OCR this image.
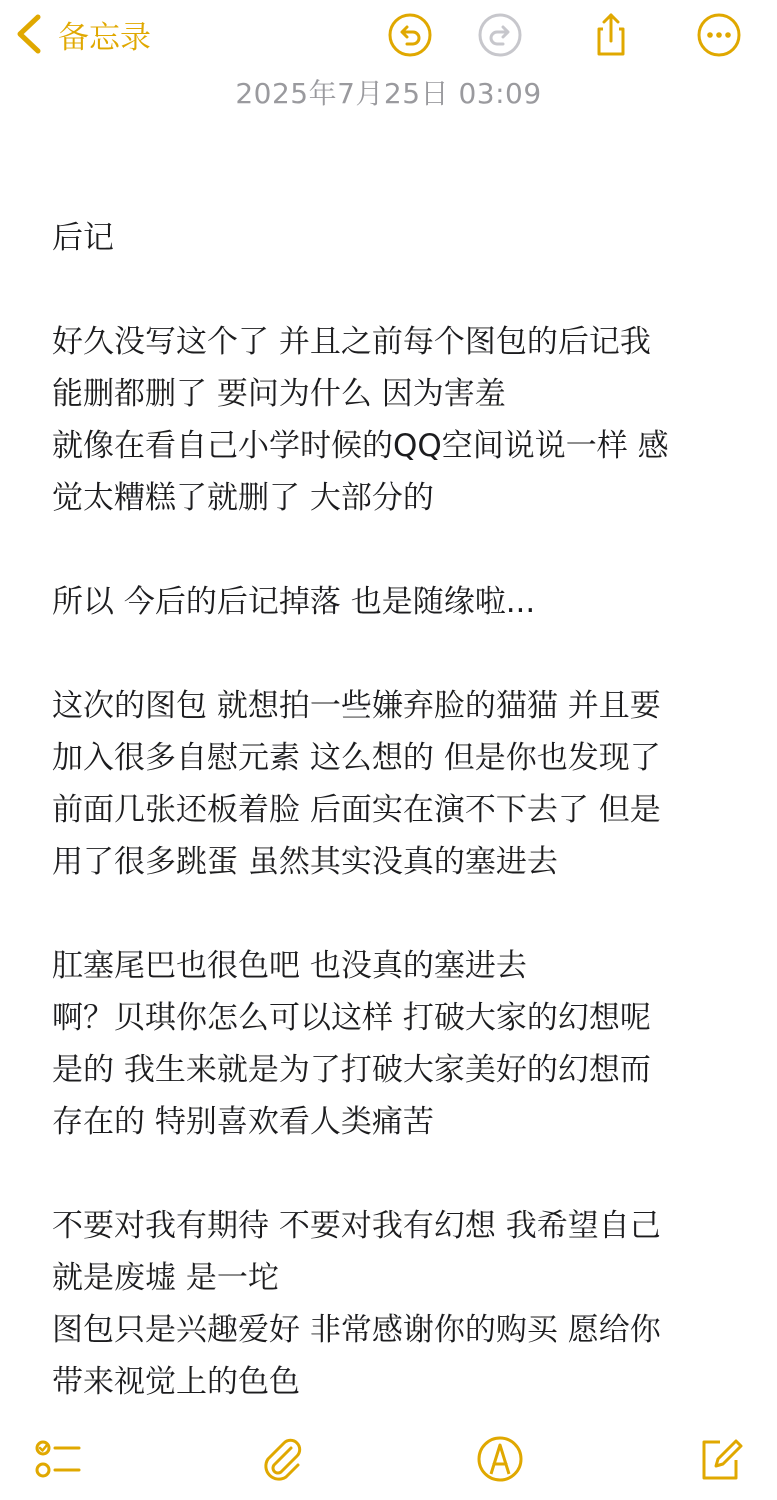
备忘录
2025年7月25日 03:09

后记

好久没写这个了 并且之前每个图包的后记我
能删都删了 要问为什么 因为害羞
就像在看自己小学时候的QQ空间说说一样 感
觉太糟糕了就删了 大部分的

所以 今后的后记掉落 也是随缘啦...

这次的图包 就想拍一些嫌弃脸的猫猫 并且要
加入很多自慰元素 这么想的 但是你也发现了
前面几张还板着脸 后面实在演不下去了 但是
用了很多跳蛋 虽然其实没真的塞进去

肛塞尾巴也很色吧 也没真的塞进去
啊？贝琪你怎么可以这样 打破大家的幻想呢
是的 我生来就是为了打破大家美好的幻想而
存在的 特别喜欢看人类痛苦

不要对我有期待 不要对我有幻想 我希望自己
就是废墟 是一坨
图包只是兴趣爱好 非常感谢你的购买 愿给你
带来视觉上的色色
